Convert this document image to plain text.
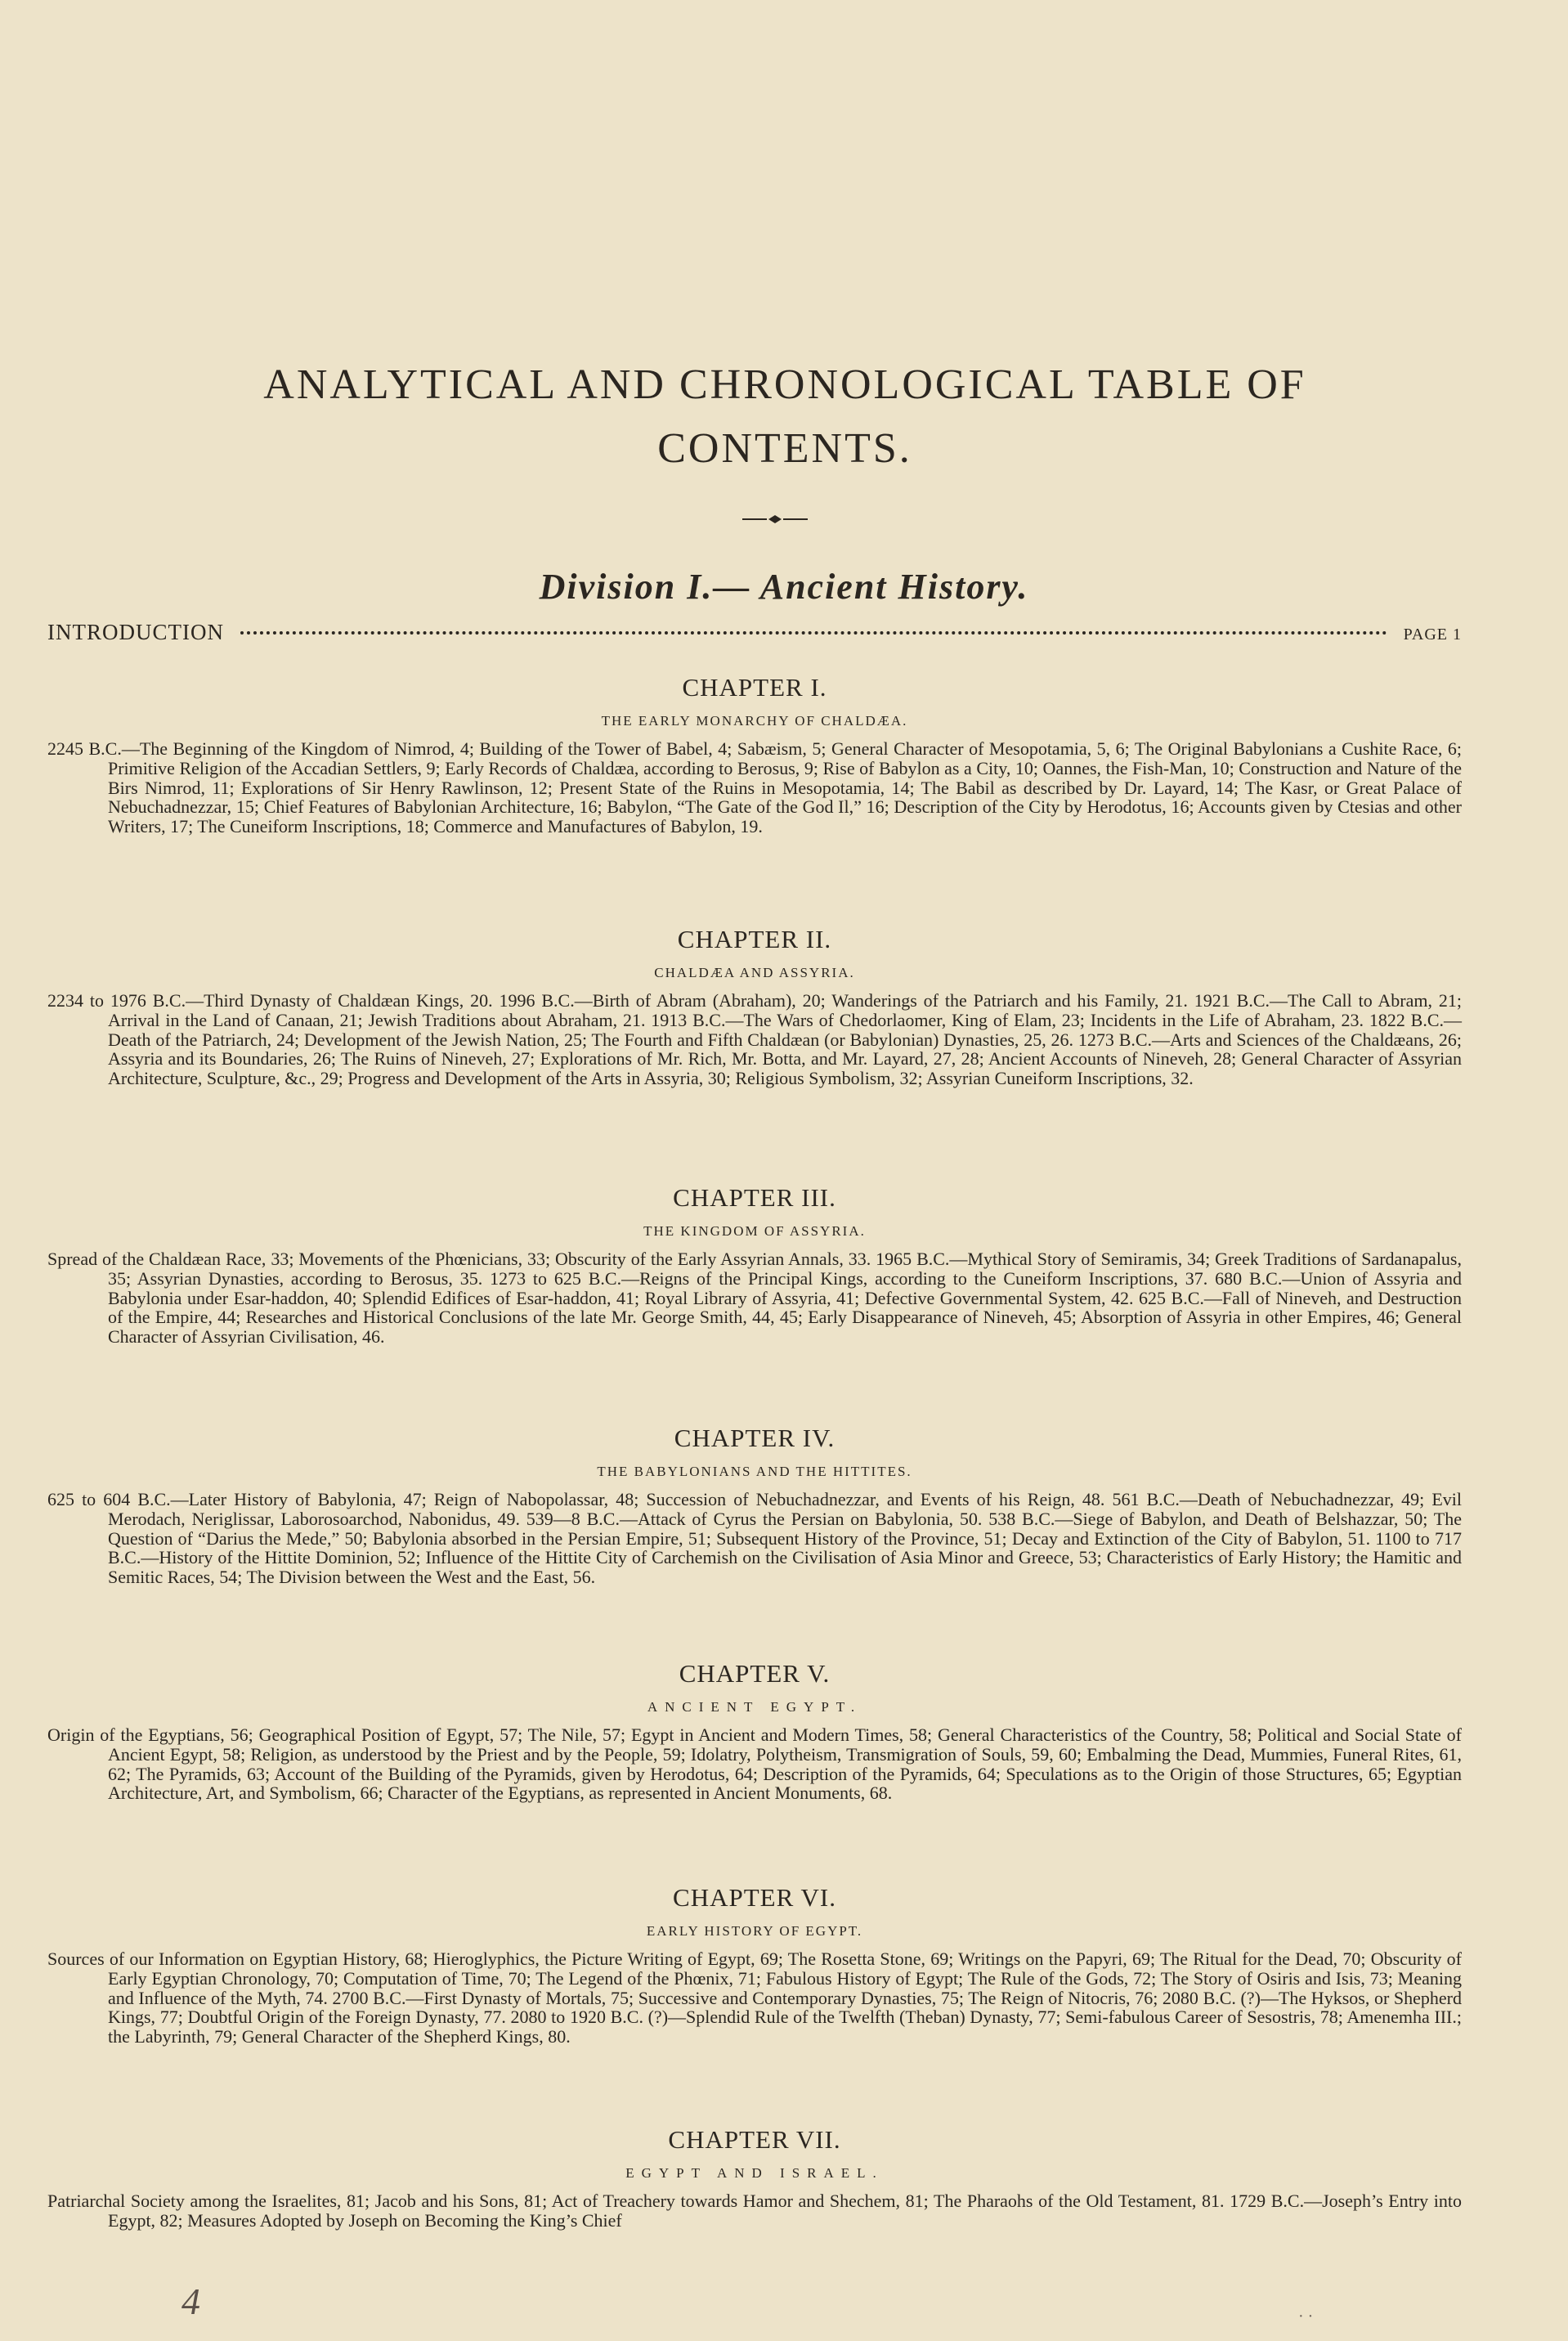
ANALYTICAL AND CHRONOLOGICAL TABLE OF
CONTENTS.
Division I.— Ancient History.
INTRODUCTION	PAGE 1
CHAPTER I.
THE EARLY MONARCHY OF CHALDÆA.
2245 B.C.—The Beginning of the Kingdom of Nimrod, 4; Building of the Tower of Babel, 4; Sabæism, 5; General Character of Mesopotamia, 5, 6; The Original Babylonians a Cushite Race, 6; Primitive Religion of the Accadian Settlers, 9; Early Records of Chaldæa, according to Berosus, 9; Rise of Babylon as a City, 10; Oannes, the Fish-Man, 10; Construction and Nature of the Birs Nimrod, 11; Explorations of Sir Henry Rawlinson, 12; Present State of the Ruins in Mesopotamia, 14; The Babil as described by Dr. Layard, 14; The Kasr, or Great Palace of Nebuchadnezzar, 15; Chief Features of Babylonian Architecture, 16; Babylon, “The Gate of the God Il,” 16; Description of the City by Herodotus, 16; Accounts given by Ctesias and other Writers, 17; The Cuneiform Inscriptions, 18; Commerce and Manufactures of Babylon, 19.
CHAPTER II.
CHALDÆA AND ASSYRIA.
2234 to 1976 B.C.—Third Dynasty of Chaldæan Kings, 20. 1996 B.C.—Birth of Abram (Abraham), 20; Wanderings of the Patriarch and his Family, 21. 1921 B.C.—The Call to Abram, 21; Arrival in the Land of Canaan, 21; Jewish Traditions about Abraham, 21. 1913 B.C.—The Wars of Chedorlaomer, King of Elam, 23; Incidents in the Life of Abraham, 23. 1822 B.C.—Death of the Patriarch, 24; Development of the Jewish Nation, 25; The Fourth and Fifth Chaldæan (or Babylonian) Dynasties, 25, 26. 1273 B.C.—Arts and Sciences of the Chaldæans, 26; Assyria and its Boundaries, 26; The Ruins of Nineveh, 27; Explorations of Mr. Rich, Mr. Botta, and Mr. Layard, 27, 28; Ancient Accounts of Nineveh, 28; General Character of Assyrian Architecture, Sculpture, &c., 29; Progress and Development of the Arts in Assyria, 30; Religious Symbolism, 32; Assyrian Cuneiform Inscriptions, 32.
CHAPTER III.
THE KINGDOM OF ASSYRIA.
Spread of the Chaldæan Race, 33; Movements of the Phœnicians, 33; Obscurity of the Early Assyrian Annals, 33. 1965 B.C.—Mythical Story of Semiramis, 34; Greek Traditions of Sardanapalus, 35; Assyrian Dynasties, according to Berosus, 35. 1273 to 625 B.C.—Reigns of the Principal Kings, according to the Cuneiform Inscriptions, 37. 680 B.C.—Union of Assyria and Babylonia under Esar-haddon, 40; Splendid Edifices of Esar-haddon, 41; Royal Library of Assyria, 41; Defective Governmental System, 42. 625 B.C.—Fall of Nineveh, and Destruction of the Empire, 44; Researches and Historical Conclusions of the late Mr. George Smith, 44, 45; Early Disappearance of Nineveh, 45; Absorption of Assyria in other Empires, 46; General Character of Assyrian Civilisation, 46.
CHAPTER IV.
THE BABYLONIANS AND THE HITTITES.
625 to 604 B.C.—Later History of Babylonia, 47; Reign of Nabopolassar, 48; Succession of Nebuchadnezzar, and Events of his Reign, 48. 561 B.C.—Death of Nebuchadnezzar, 49; Evil Merodach, Neriglissar, Laborosoarchod, Nabonidus, 49. 539—8 B.C.—Attack of Cyrus the Persian on Babylonia, 50. 538 B.C.—Siege of Babylon, and Death of Belshazzar, 50; The Question of “Darius the Mede,” 50; Babylonia absorbed in the Persian Empire, 51; Subsequent History of the Province, 51; Decay and Extinction of the City of Babylon, 51. 1100 to 717 B.C.—History of the Hittite Dominion, 52; Influence of the Hittite City of Carchemish on the Civilisation of Asia Minor and Greece, 53; Characteristics of Early History; the Hamitic and Semitic Races, 54; The Division between the West and the East, 56.
CHAPTER V.
ANCIENT EGYPT.
Origin of the Egyptians, 56; Geographical Position of Egypt, 57; The Nile, 57; Egypt in Ancient and Modern Times, 58; General Characteristics of the Country, 58; Political and Social State of Ancient Egypt, 58; Religion, as understood by the Priest and by the People, 59; Idolatry, Polytheism, Transmigration of Souls, 59, 60; Embalming the Dead, Mummies, Funeral Rites, 61, 62; The Pyramids, 63; Account of the Building of the Pyramids, given by Herodotus, 64; Description of the Pyramids, 64; Speculations as to the Origin of those Structures, 65; Egyptian Architecture, Art, and Symbolism, 66; Character of the Egyptians, as represented in Ancient Monuments, 68.
CHAPTER VI.
EARLY HISTORY OF EGYPT.
Sources of our Information on Egyptian History, 68; Hieroglyphics, the Picture Writing of Egypt, 69; The Rosetta Stone, 69; Writings on the Papyri, 69; The Ritual for the Dead, 70; Obscurity of Early Egyptian Chronology, 70; Computation of Time, 70; The Legend of the Phœnix, 71; Fabulous History of Egypt; The Rule of the Gods, 72; The Story of Osiris and Isis, 73; Meaning and Influence of the Myth, 74. 2700 B.C.—First Dynasty of Mortals, 75; Successive and Contemporary Dynasties, 75; The Reign of Nitocris, 76; 2080 B.C. (?)—The Hyksos, or Shepherd Kings, 77; Doubtful Origin of the Foreign Dynasty, 77. 2080 to 1920 B.C. (?)—Splendid Rule of the Twelfth (Theban) Dynasty, 77; Semi-fabulous Career of Sesostris, 78; Amenemha III.; the Labyrinth, 79; General Character of the Shepherd Kings, 80.
CHAPTER VII.
EGYPT AND ISRAEL.
Patriarchal Society among the Israelites, 81; Jacob and his Sons, 81; Act of Treachery towards Hamor and Shechem, 81; The Pharaohs of the Old Testament, 81. 1729 B.C.—Joseph’s Entry into Egypt, 82; Measures Adopted by Joseph on Becoming the King’s Chief
4	· ·
